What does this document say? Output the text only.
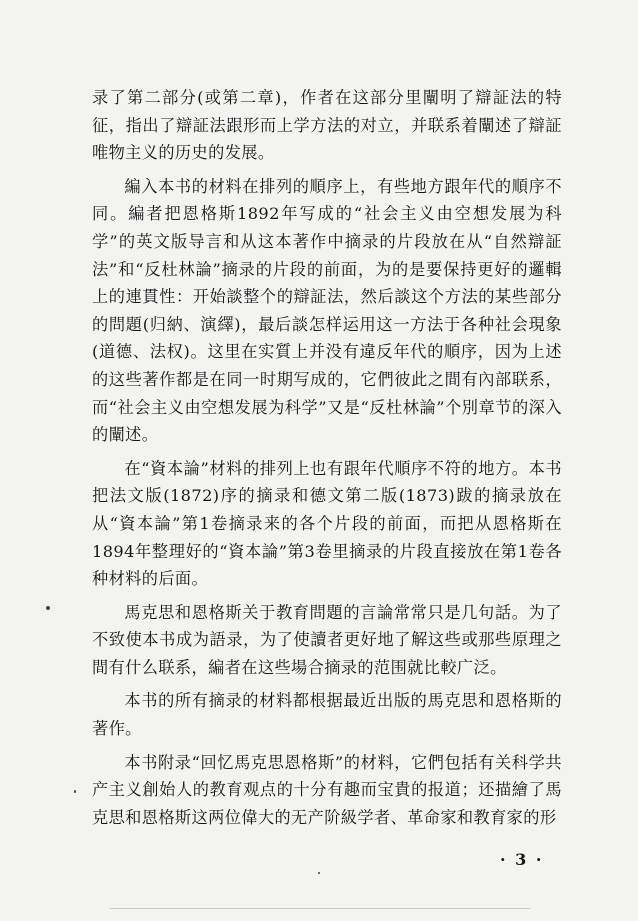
录了第二部分(或第二章)，作者在这部分里闡明了辯証法的特征，指出了辯証法跟形而上学方法的对立，并联系着闡述了辯証唯物主义的历史的发展。

編入本书的材料在排列的順序上，有些地方跟年代的順序不同。編者把恩格斯1892年写成的“社会主义由空想发展为科学”的英文版导言和从这本著作中摘录的片段放在从“自然辯証法”和“反杜林論”摘录的片段的前面，为的是要保持更好的邏輯上的連貫性：开始談整个的辯証法，然后談这个方法的某些部分的問題(归納、演繹)，最后談怎样运用这一方法于各种社会現象(道德、法权)。这里在实質上并没有違反年代的順序，因为上述的这些著作都是在同一时期写成的，它們彼此之間有內部联系，而“社会主义由空想发展为科学”又是“反杜林論”个別章节的深入的闡述。

在“資本論”材料的排列上也有跟年代順序不符的地方。本书把法文版(1872)序的摘录和德文第二版(1873)跋的摘录放在从“資本論”第1卷摘录来的各个片段的前面，而把从恩格斯在1894年整理好的“資本論”第3卷里摘录的片段直接放在第1卷各种材料的后面。

馬克思和恩格斯关于教育問題的言論常常只是几句話。为了不致使本书成为語录，为了使讀者更好地了解这些或那些原理之間有什么联系，編者在这些場合摘录的范围就比較广泛。

本书的所有摘录的材料都根据最近出版的馬克思和恩格斯的著作。

本书附录“回忆馬克思恩格斯”的材料，它們包括有关科学共产主义創始人的教育观点的十分有趣而宝貴的报道；还描繪了馬克思和恩格斯这两位偉大的无产阶級学者、革命家和教育家的形

· 3 ·
